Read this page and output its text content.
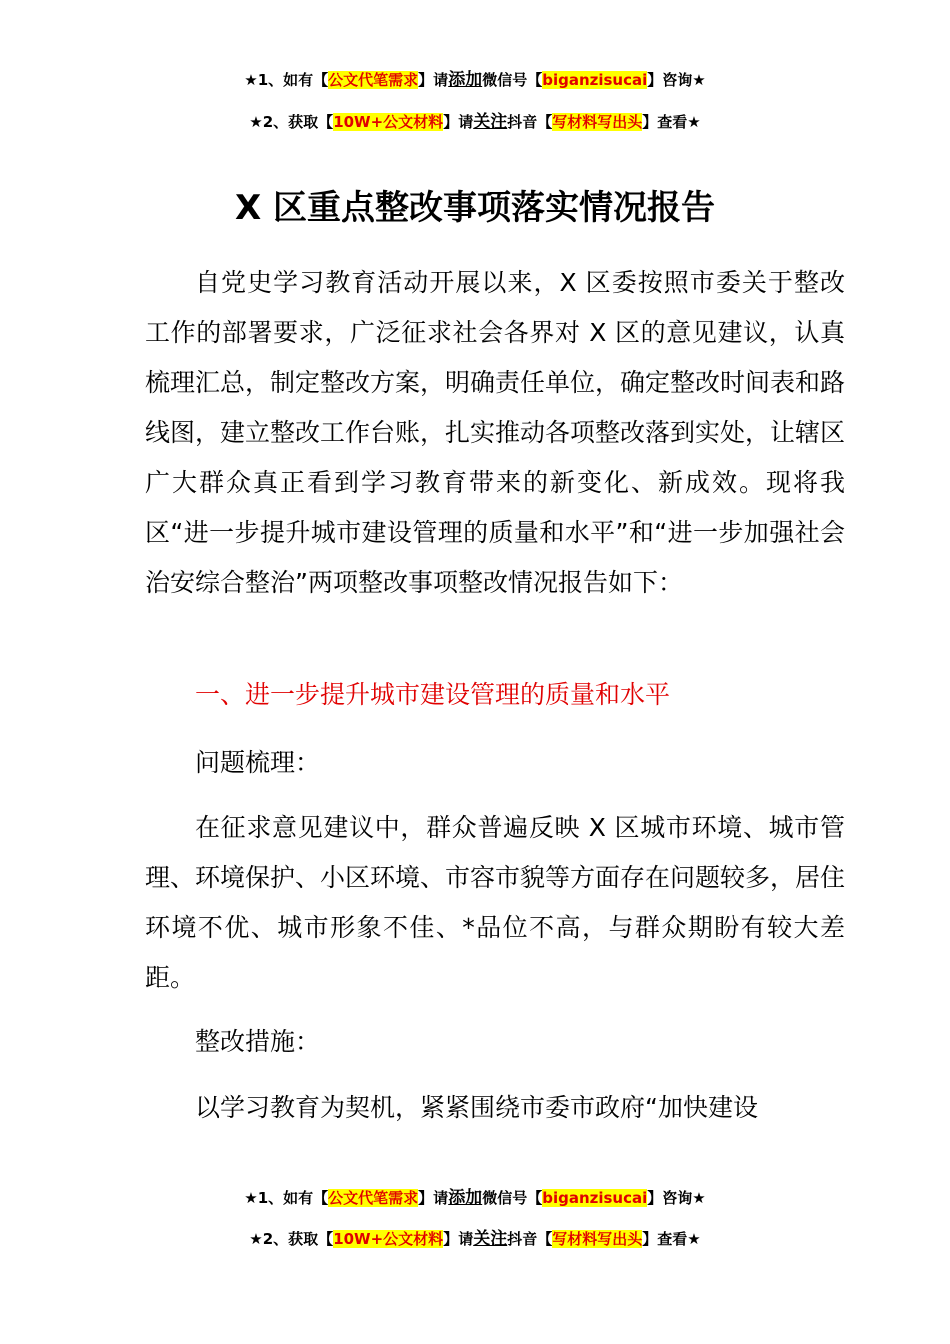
★1、如有【公文代笔需求】请添加微信号【biganzisucai】咨询★
★2、获取【10W+公文材料】请关注抖音【写材料写出头】查看★
X 区重点整改事项落实情况报告

自党史学习教育活动开展以来，X 区委按照市委关于整改工作的部署要求，广泛征求社会各界对 X 区的意见建议，认真梳理汇总，制定整改方案，明确责任单位，确定整改时间表和路线图，建立整改工作台账，扎实推动各项整改落到实处，让辖区广大群众真正看到学习教育带来的新变化、新成效。现将我区“进一步提升城市建设管理的质量和水平”和“进一步加强社会治安综合整治”两项整改事项整改情况报告如下：

一、进一步提升城市建设管理的质量和水平

问题梳理：

在征求意见建议中，群众普遍反映 X 区城市环境、城市管理、环境保护、小区环境、市容市貌等方面存在问题较多，居住环境不优、城市形象不佳、*品位不高，与群众期盼有较大差距。

整改措施：

以学习教育为契机，紧紧围绕市委市政府“加快建设

★1、如有【公文代笔需求】请添加微信号【biganzisucai】咨询★
★2、获取【10W+公文材料】请关注抖音【写材料写出头】查看★
